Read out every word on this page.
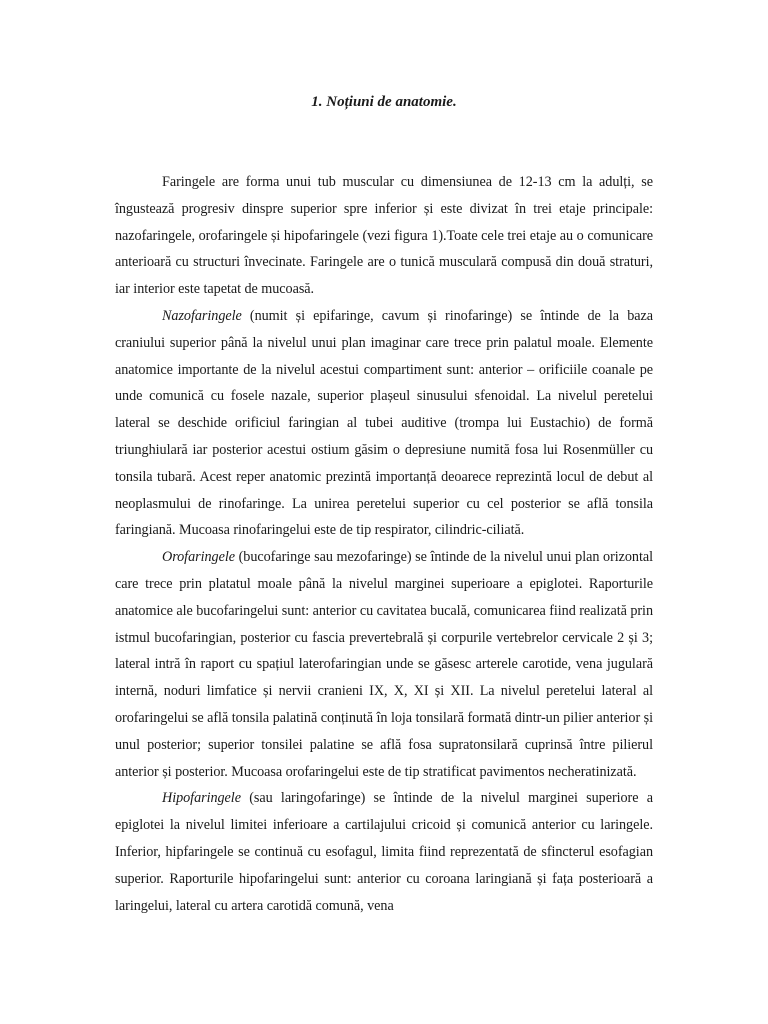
1. Noțiuni de anatomie.

Faringele are forma unui tub muscular cu dimensiunea de 12-13 cm la adulți, se îngustează progresiv dinspre superior spre inferior și este divizat în trei etaje principale: nazofaringele, orofaringele și hipofaringele (vezi figura 1).Toate cele trei etaje au o comunicare anterioară cu structuri învecinate. Faringele are o tunică musculară compusă din două straturi, iar interior este tapetat de mucoasă.

Nazofaringele (numit și epifaringe, cavum și rinofaringe) se întinde de la baza craniului superior până la nivelul unui plan imaginar care trece prin palatul moale. Elemente anatomice importante de la nivelul acestui compartiment sunt: anterior – orificiile coanale pe unde comunică cu fosele nazale, superior plașeul sinusului sfenoidal. La nivelul peretelui lateral se deschide orificiul faringian al tubei auditive (trompa lui Eustachio) de formă triunghiulară iar posterior acestui ostium găsim o depresiune numită fosa lui Rosenmüller cu tonsila tubară. Acest reper anatomic prezintă importanță deoarece reprezintă locul de debut al neoplasmului de rinofaringe. La unirea peretelui superior cu cel posterior se află tonsila faringiană. Mucoasa rinofaringelui este de tip respirator, cilindric-ciliată.

Orofaringele (bucofaringe sau mezofaringe) se întinde de la nivelul unui plan orizontal care trece prin platatul moale până la nivelul marginei superioare a epiglotei. Raporturile anatomice ale bucofaringelui sunt: anterior cu cavitatea bucală, comunicarea fiind realizată prin istmul bucofaringian, posterior cu fascia prevertebrală și corpurile vertebrelor cervicale 2 și 3; lateral intră în raport cu spațiul laterofaringian unde se găsesc arterele carotide, vena jugulară internă, noduri limfatice și nervii cranieni IX, X, XI și XII. La nivelul peretelui lateral al orofaringelui se află tonsila palatină conținută în loja tonsilară formată dintr-un pilier anterior și unul posterior; superior tonsilei palatine se află fosa supratonsilară cuprinsă între pilierul anterior și posterior. Mucoasa orofaringelui este de tip stratificat pavimentos necheratinizată.

Hipofaringele (sau laringofaringe) se întinde de la nivelul marginei superiore a epiglotei la nivelul limitei inferioare a cartilajului cricoid și comunică anterior cu laringele. Inferior, hipfaringele se continuă cu esofagul, limita fiind reprezentată de sfincterul esofagian superior. Raporturile hipofaringelui sunt: anterior cu coroana laringiană și fața posterioară a laringelui, lateral cu artera carotidă comună, vena
